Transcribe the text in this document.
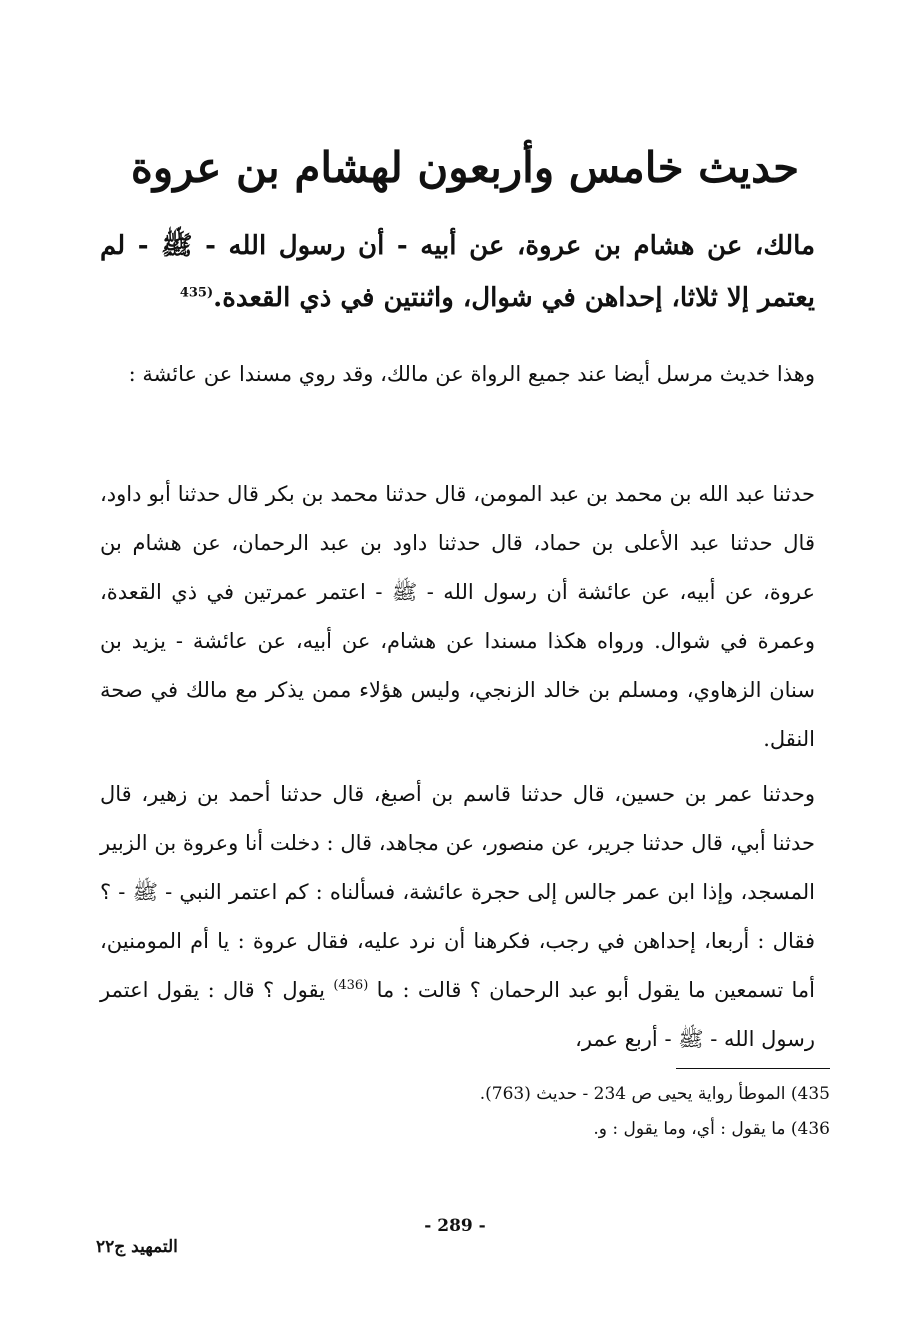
حديث خامس وأربعون لهشام بن عروة

مالك، عن هشام بن عروة، عن أبيه - أن رسول الله - ﷺ - لم يعتمر إلا ثلاثا، إحداهن في شوال، واثنتين في ذي القعدة.$^{(435}$

وهذا خديث مرسل أيضا عند جميع الرواة عن مالك، وقد روي مسندا عن عائشة :

حدثنا عبد الله بن محمد بن عبد المومن، قال حدثنا محمد بن بكر قال حدثنا أبو داود، قال حدثنا عبد الأعلى بن حماد، قال حدثنا داود بن عبد الرحمان، عن هشام بن عروة، عن أبيه، عن عائشة أن رسول الله - ﷺ - اعتمر عمرتين في ذي القعدة، وعمرة في شوال. ورواه هكذا مسندا عن هشام، عن أبيه، عن عائشة - يزيد بن سنان الزهاوي، ومسلم بن خالد الزنجي، وليس هؤلاء ممن يذكر مع مالك في صحة النقل.

وحدثنا عمر بن حسين، قال حدثنا قاسم بن أصبغ، قال حدثنا أحمد بن زهير، قال حدثنا أبي، قال حدثنا جرير، عن منصور، عن مجاهد، قال : دخلت أنا وعروة بن الزبير المسجد، وإذا ابن عمر جالس إلى حجرة عائشة، فسألناه : كم اعتمر النبي - ﷺ - ؟ فقال : أربعا، إحداهن في رجب، فكرهنا أن نرد عليه، فقال عروة : يا أم المومنين، أما تسمعين ما يقول أبو عبد الرحمان ؟ قالت : ما $^{(436)}$ يقول ؟ قال : يقول اعتمر رسول الله - ﷺ - أربع عمر،

435) الموطأ رواية يحيى ص 234 - حديث (763).
436) ما يقول : أي، وما يقول : و.
- 289 -
التمهيد ج٢٢
